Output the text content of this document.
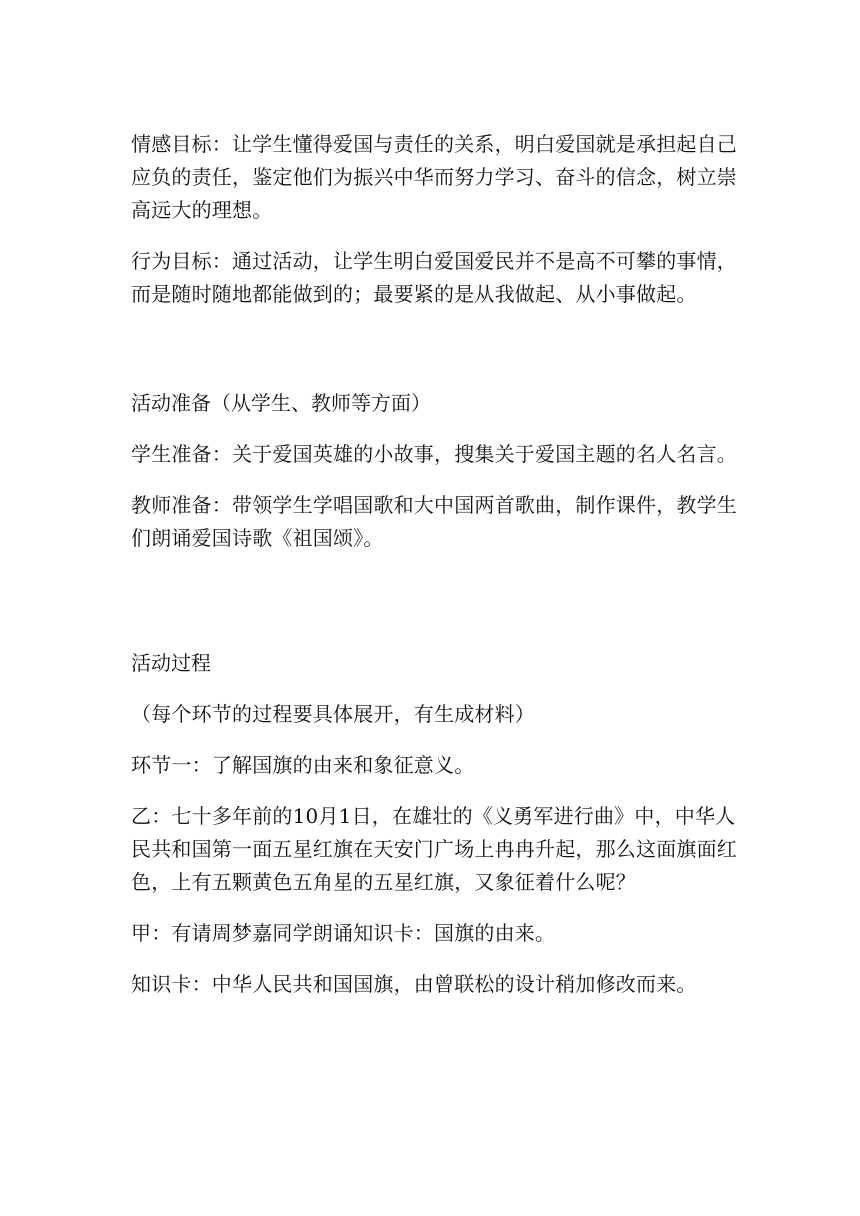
情感目标：让学生懂得爱国与责任的关系，明白爱国就是承担起自己应负的责任，鉴定他们为振兴中华而努力学习、奋斗的信念，树立崇高远大的理想。

行为目标：通过活动，让学生明白爱国爱民并不是高不可攀的事情，而是随时随地都能做到的；最要紧的是从我做起、从小事做起。

活动准备（从学生、教师等方面）

学生准备：关于爱国英雄的小故事，搜集关于爱国主题的名人名言。

教师准备：带领学生学唱国歌和大中国两首歌曲，制作课件，教学生们朗诵爱国诗歌《祖国颂》。

活动过程

（每个环节的过程要具体展开，有生成材料）

环节一：了解国旗的由来和象征意义。

乙：七十多年前的10月1日，在雄壮的《义勇军进行曲》中，中华人民共和国第一面五星红旗在天安门广场上冉冉升起，那么这面旗面红色，上有五颗黄色五角星的五星红旗，又象征着什么呢？

甲：有请周梦嘉同学朗诵知识卡：国旗的由来。

知识卡：中华人民共和国国旗，由曾联松的设计稍加修改而来。
